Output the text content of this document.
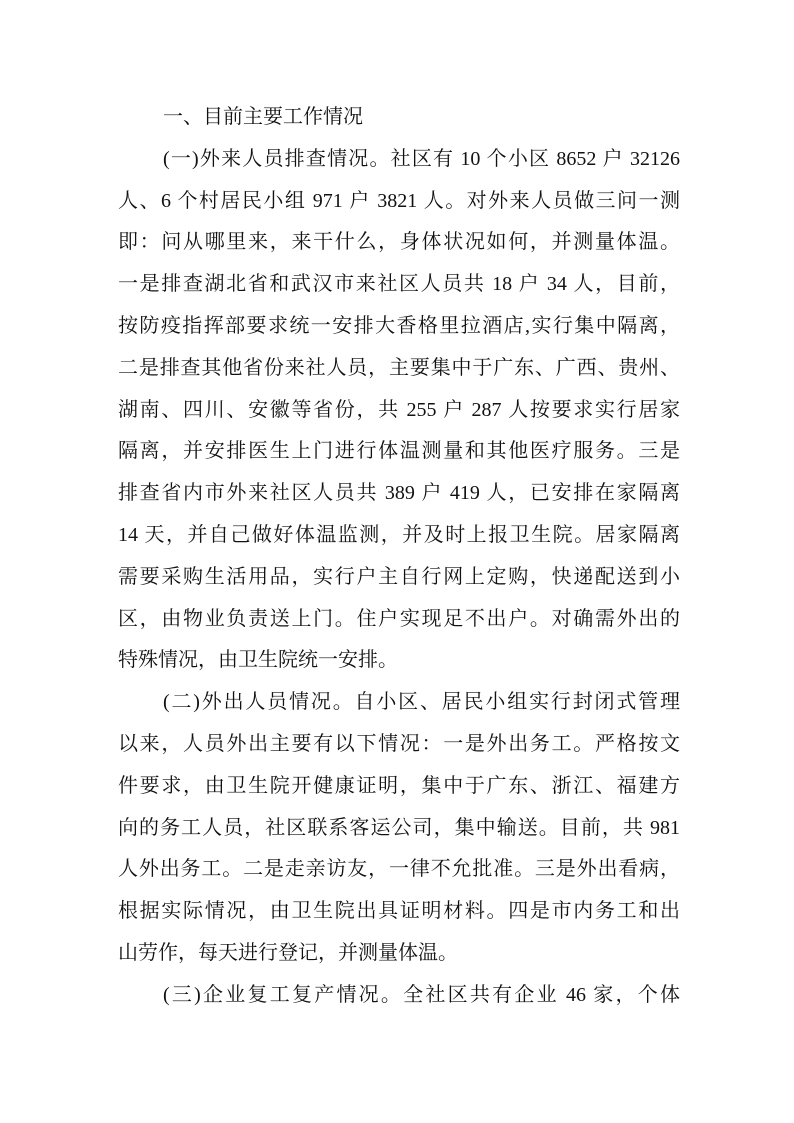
一、目前主要工作情况
(一)外来人员排查情况。社区有 10 个小区 8652 户 32126
人、6 个村居民小组 971 户 3821 人。对外来人员做三问一测
即：问从哪里来，来干什么，身体状况如何，并测量体温。
一是排查湖北省和武汉市来社区人员共 18 户 34 人，目前，
按防疫指挥部要求统一安排大香格里拉酒店,实行集中隔离，
二是排查其他省份来社人员，主要集中于广东、广西、贵州、
湖南、四川、安徽等省份，共 255 户 287 人按要求实行居家
隔离，并安排医生上门进行体温测量和其他医疗服务。三是
排查省内市外来社区人员共 389 户 419 人，已安排在家隔离
14 天，并自己做好体温监测，并及时上报卫生院。居家隔离
需要采购生活用品，实行户主自行网上定购，快递配送到小
区，由物业负责送上门。住户实现足不出户。对确需外出的
特殊情况，由卫生院统一安排。
(二)外出人员情况。自小区、居民小组实行封闭式管理
以来，人员外出主要有以下情况：一是外出务工。严格按文
件要求，由卫生院开健康证明，集中于广东、浙江、福建方
向的务工人员，社区联系客运公司，集中输送。目前，共 981
人外出务工。二是走亲访友，一律不允批准。三是外出看病，
根据实际情况，由卫生院出具证明材料。四是市内务工和出
山劳作，每天进行登记，并测量体温。
(三)企业复工复产情况。全社区共有企业 46 家，个体
